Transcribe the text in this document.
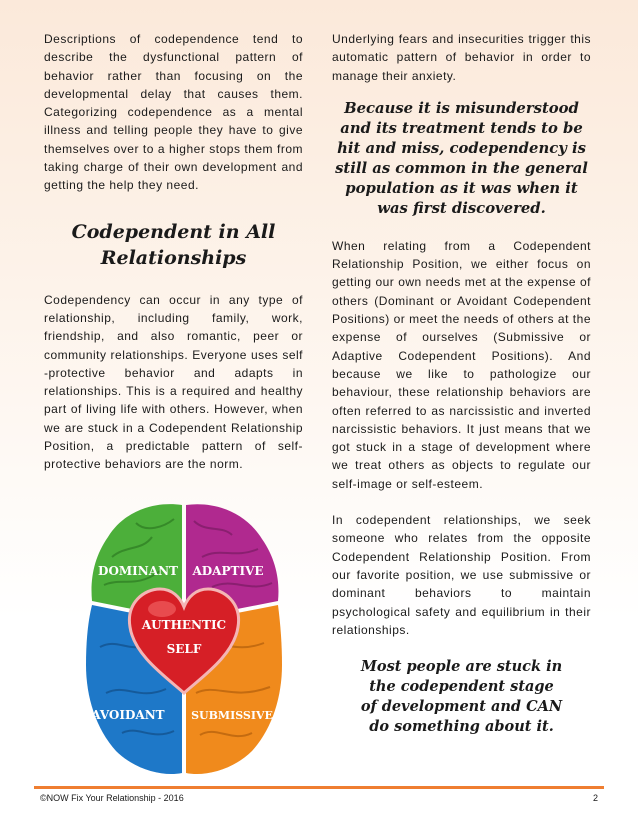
Descriptions of codependence tend to describe the dysfunctional pattern of behavior rather than focusing on the developmental delay that causes them. Categorizing codependence as a mental illness and telling people they have to give themselves over to a higher stops them from taking charge of their own development and getting the help they need.

Codependent in All Relationships

Codependency can occur in any type of relationship, including family, work, friendship, and also romantic, peer or community relationships. Everyone uses self -protective behavior and adapts in relationships. This is a required and healthy part of living life with others. However, when we are stuck in a Codependent Relationship Position, a predictable pattern of self-protective behaviors are the norm.

DOMINANT ADAPTIVE
AUTHENTIC
SELF
AVOIDANT SUBMISSIVE

Underlying fears and insecurities trigger this automatic pattern of behavior in order to manage their anxiety.

Because it is misunderstood and its treatment tends to be hit and miss, codependency is still as common in the general population as it was when it was first discovered.

When relating from a Codependent Relationship Position, we either focus on getting our own needs met at the expense of others (Dominant or Avoidant Codependent Positions) or meet the needs of others at the expense of ourselves (Submissive or Adaptive Codependent Positions). And because we like to pathologize our behaviour, these relationship behaviors are often referred to as narcissistic and inverted narcissistic behaviors. It just means that we got stuck in a stage of development where we treat others as objects to regulate our self-image or self-esteem.

In codependent relationships, we seek someone who relates from the opposite Codependent Relationship Position. From our favorite position, we use submissive or dominant behaviors to maintain psychological safety and equilibrium in their relationships.

Most people are stuck in the codependent stage of development and CAN do something about it.

©NOW Fix Your Relationship - 2016	2
